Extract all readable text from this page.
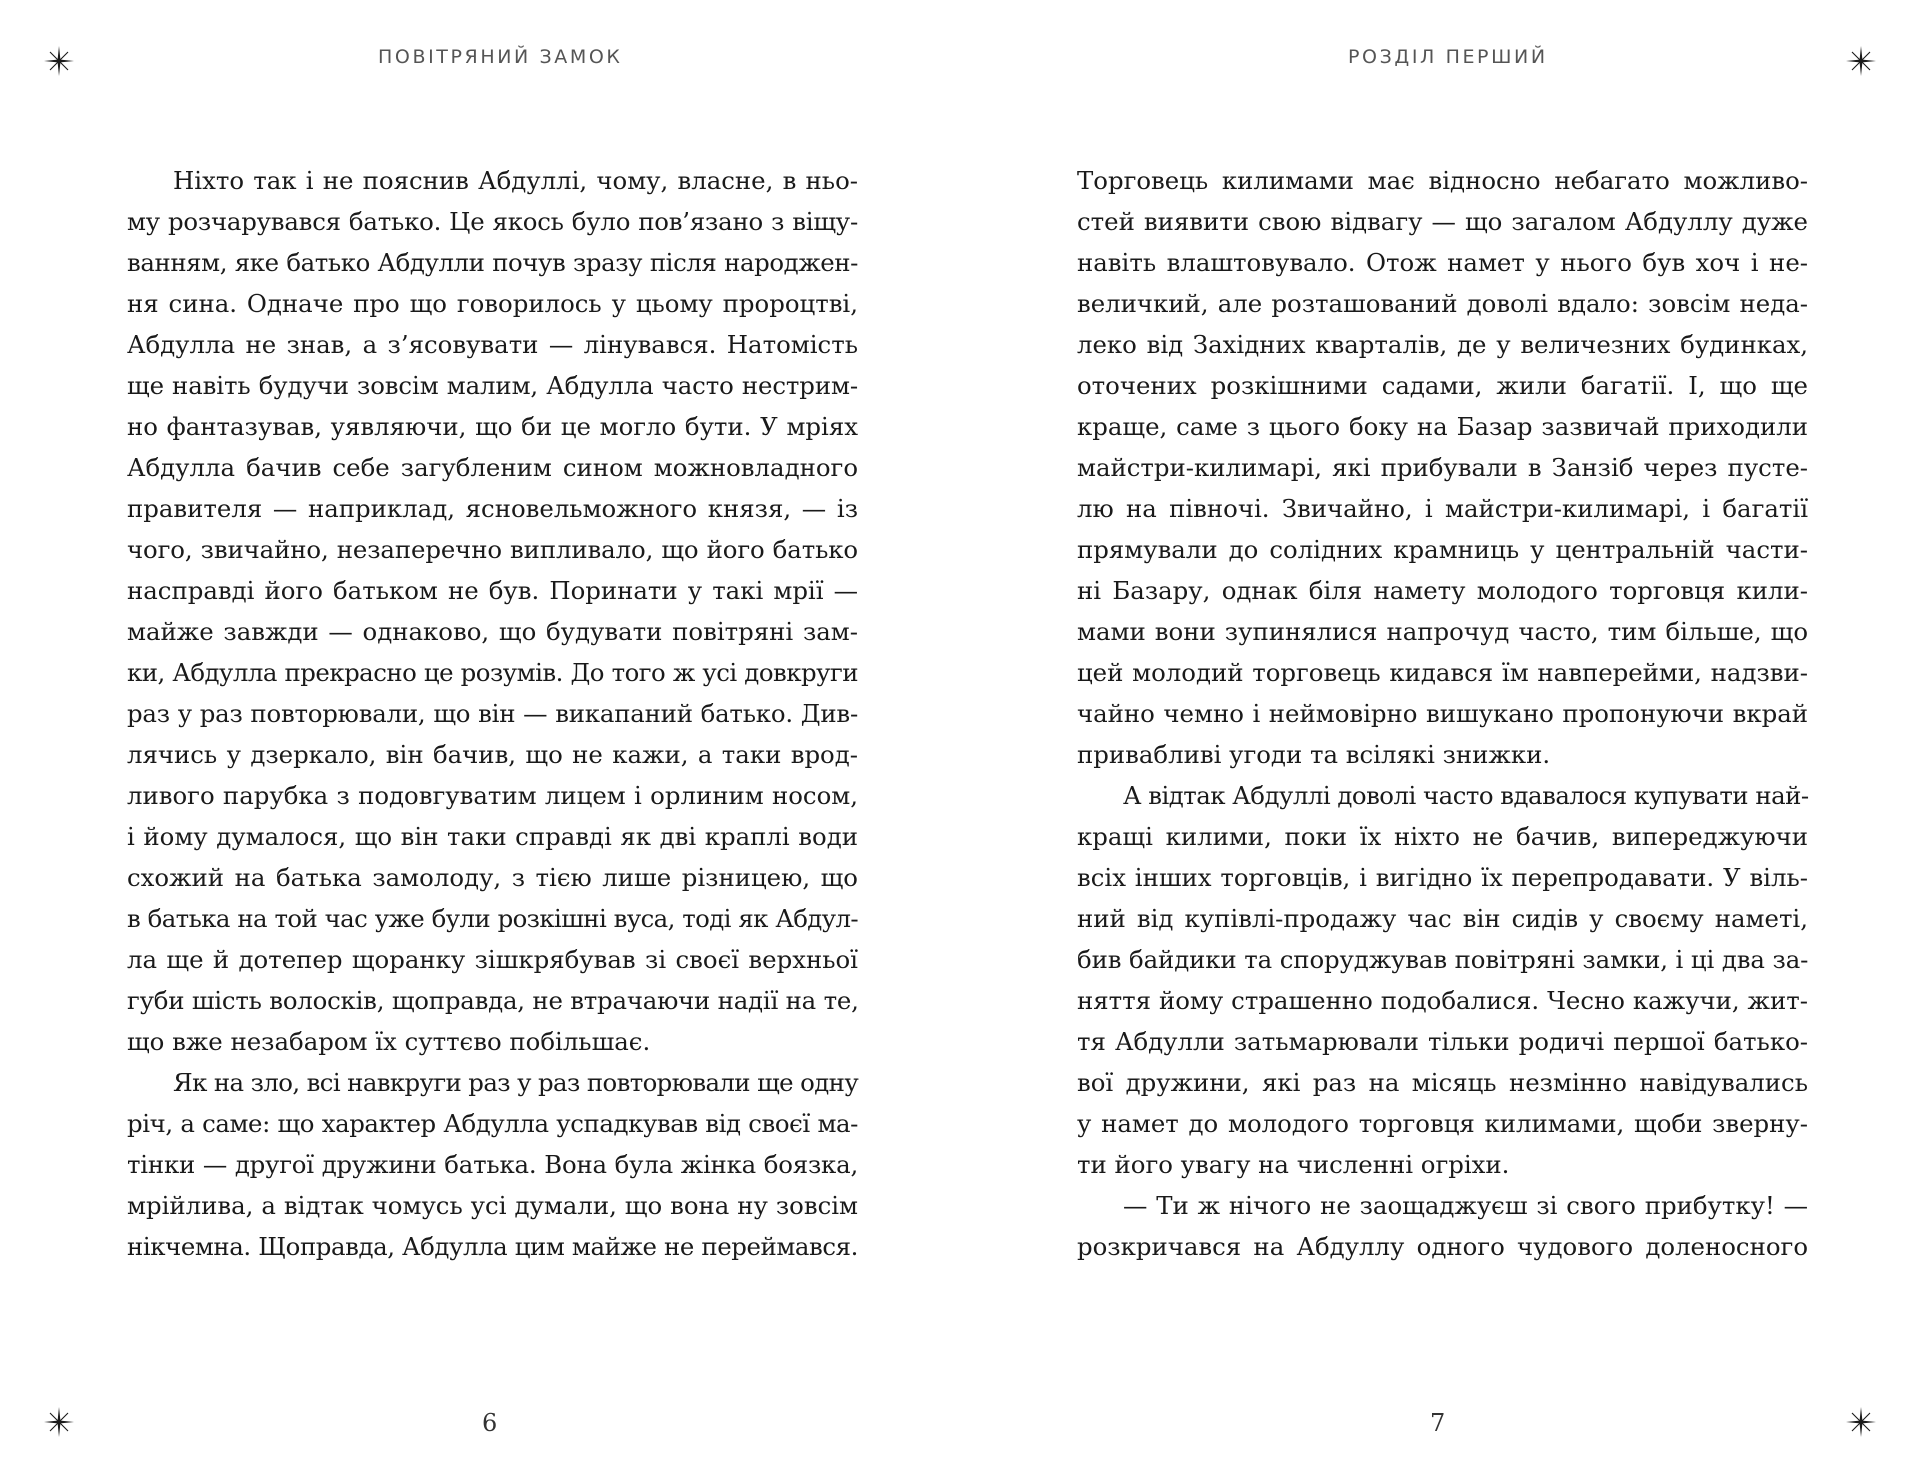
ПОВІТРЯНИЙ ЗАМОК
Ніхто так і не пояснив Абдуллі, чому, власне, в ньо-
му розчарувався батько. Це якось було пов’язано з віщу-
ванням, яке батько Абдулли почув зразу після народжен-
ня сина. Одначе про що говорилось у цьому пророцтві,
Абдулла не знав, а з’ясовувати — лінувався. Натомість
ще навіть будучи зовсім малим, Абдулла часто нестрим-
но фантазував, уявляючи, що би це могло бути. У мріях
Абдулла бачив себе загубленим сином можновладного
правителя — наприклад, ясновельможного князя, — із
чого, звичайно, незаперечно випливало, що його батько
насправді його батьком не був. Поринати у такі мрії —
майже завжди — однаково, що будувати повітряні зам-
ки, Абдулла прекрасно це розумів. До того ж усі довкруги
раз у раз повторювали, що він — викапаний батько. Див-
лячись у дзеркало, він бачив, що не кажи, а таки врод-
ливого парубка з подовгуватим лицем і орлиним носом,
і йому думалося, що він таки справді як дві краплі води
схожий на батька замолоду, з тією лише різницею, що
в батька на той час уже були розкішні вуса, тоді як Абдул-
ла ще й дотепер щоранку зішкрябував зі своєї верхньої
губи шість волосків, щоправда, не втрачаючи надії на те,
що вже незабаром їх суттєво побільшає.
Як на зло, всі навкруги раз у раз повторювали ще одну
річ, а саме: що характер Абдулла успадкував від своєї ма-
тінки — другої дружини батька. Вона була жінка боязка,
мрійлива, а відтак чомусь усі думали, що вона ну зовсім
нікчемна. Щоправда, Абдулла цим майже не переймався.
6
РОЗДІЛ ПЕРШИЙ
Торговець килимами має відносно небагато можливо-
стей виявити свою відвагу — що загалом Абдуллу дуже
навіть влаштовувало. Отож намет у нього був хоч і не-
величкий, але розташований доволі вдало: зовсім неда-
леко від Західних кварталів, де у величезних будинках,
оточених розкішними садами, жили багатії. І, що ще
краще, саме з цього боку на Базар зазвичай приходили
майстри-килимарі, які прибували в Занзіб через пусте-
лю на півночі. Звичайно, і майстри-килимарі, і багатії
прямували до солідних крамниць у центральній части-
ні Базару, однак біля намету молодого торговця кили-
мами вони зупинялися напрочуд часто, тим більше, що
цей молодий торговець кидався їм навперейми, надзви-
чайно чемно і неймовірно вишукано пропонуючи вкрай
привабливі угоди та всілякі знижки.
А відтак Абдуллі доволі часто вдавалося купувати най-
кращі килими, поки їх ніхто не бачив, випереджуючи
всіх інших торговців, і вигідно їх перепродавати. У віль-
ний від купівлі-продажу час він сидів у своєму наметі,
бив байдики та споруджував повітряні замки, і ці два за-
няття йому страшенно подобалися. Чесно кажучи, жит-
тя Абдулли затьмарювали тільки родичі першої батько-
вої дружини, які раз на місяць незмінно навідувались
у намет до молодого торговця килимами, щоби зверну-
ти його увагу на численні огріхи.
— Ти ж нічого не заощаджуєш зі свого прибутку! —
розкричався на Абдуллу одного чудового доленосного
7
